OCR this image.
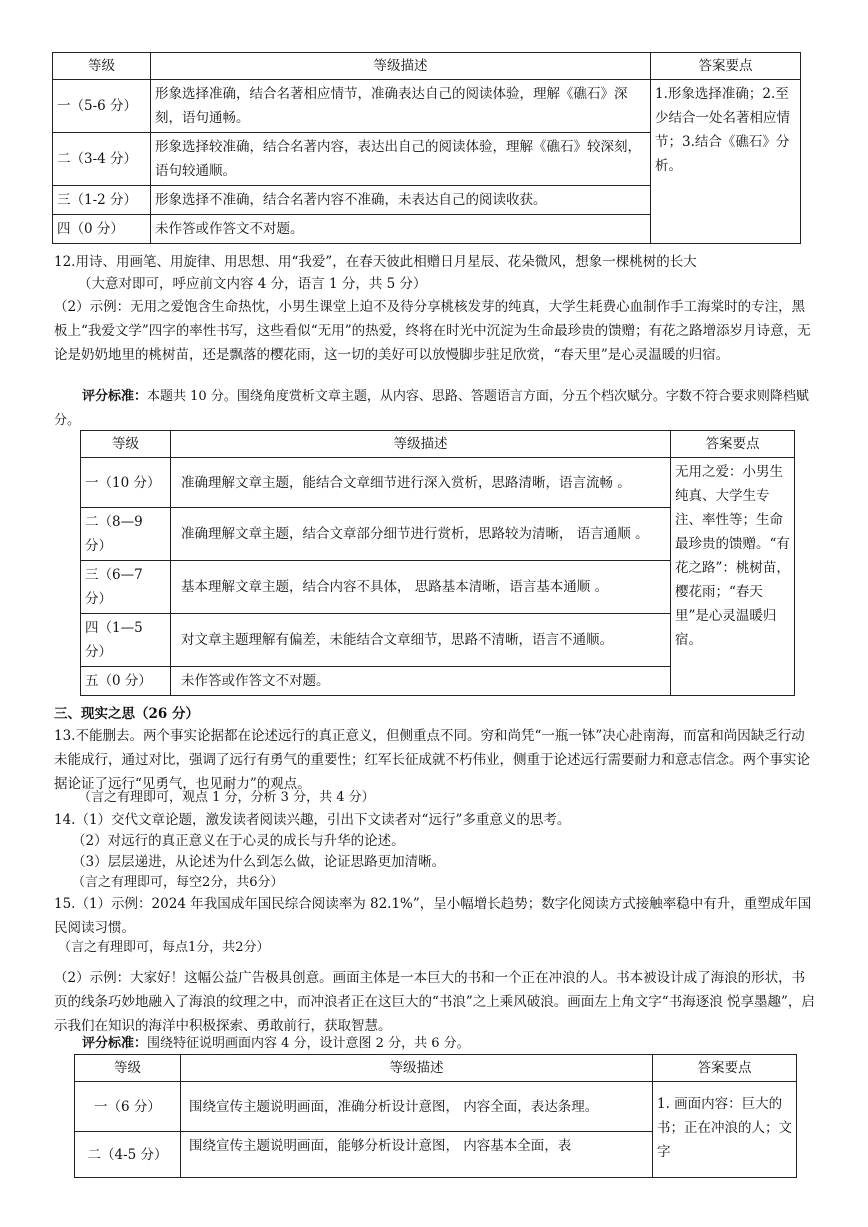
等级	等级描述	答案要点
一（5-6 分）	形象选择准确，结合名著相应情节，准确表达自己的阅读体验，理解《礁石》深刻，语句通畅。	1.形象选择准确；2.至少结合一处名著相应情节；3.结合《礁石》分析。
二（3-4 分）	形象选择较准确，结合名著内容，表达出自己的阅读体验，理解《礁石》较深刻，语句较通顺。	
三（1-2 分）	形象选择不准确，结合名著内容不准确，未表达自己的阅读收获。	
四（0 分）	未作答或作答文不对题。	
12.用诗、用画笔、用旋律、用思想、用“我爱”，在春天彼此相赠日月星辰、花朵微风，想象一棵桃树的长大
（大意对即可，呼应前文内容 4 分，语言 1 分，共 5 分）
（2）示例：无用之爱饱含生命热忱，小男生课堂上迫不及待分享桃核发芽的纯真，大学生耗费心血制作手工海棠时的专注，黑板上“我爱文学”四字的率性书写，这些看似“无用”的热爱，终将在时光中沉淀为生命最珍贵的馈赠；有花之路增添岁月诗意，无论是奶奶地里的桃树苗，还是飘落的樱花雨，这一切的美好可以放慢脚步驻足欣赏，“春天里”是心灵温暖的归宿。
评分标准：本题共 10 分。围绕角度赏析文章主题，从内容、思路、答题语言方面，分五个档次赋分。字数不符合要求则降档赋分。
等级	等级描述	答案要点
一（10 分）	准确理解文章主题，能结合文章细节进行深入赏析，思路清晰，语言流畅 。	无用之爱：小男生纯真、大学生专注、率性等；生命最珍贵的馈赠。“有花之路”：桃树苗，樱花雨；“春天里”是心灵温暖归宿。
二（8—9 分）	准确理解文章主题，结合文章部分细节进行赏析，思路较为清晰， 语言通顺 。	
三（6—7 分）	基本理解文章主题，结合内容不具体， 思路基本清晰，语言基本通顺 。	
四（1—5 分）	对文章主题理解有偏差，未能结合文章细节，思路不清晰，语言不通顺。	
五（0 分）	未作答或作答文不对题。	
三、现实之思（26 分）
13.不能删去。两个事实论据都在论述远行的真正意义，但侧重点不同。穷和尚凭“一瓶一钵”决心赴南海，而富和尚因缺乏行动未能成行，通过对比，强调了远行有勇气的重要性；红军长征成就不朽伟业，侧重于论述远行需要耐力和意志信念。两个事实论据论证了远行“见勇气，也见耐力”的观点。
（言之有理即可，观点 1 分，分析 3 分，共 4 分）
14.（1）交代文章论题，激发读者阅读兴趣，引出下文读者对“远行”多重意义的思考。
（2）对远行的真正意义在于心灵的成长与升华的论述。
（3）层层递进，从论述为什么到怎么做，论证思路更加清晰。
（言之有理即可，每空2分，共6分）
15.（1）示例：2024 年我国成年国民综合阅读率为 82.1%”，呈小幅增长趋势；数字化阅读方式接触率稳中有升，重塑成年国民阅读习惯。
（言之有理即可，每点1分，共2分）
（2）示例：大家好！这幅公益广告极具创意。画面主体是一本巨大的书和一个正在冲浪的人。书本被设计成了海浪的形状，书页的线条巧妙地融入了海浪的纹理之中，而冲浪者正在这巨大的“书浪”之上乘风破浪。画面左上角文字“书海逐浪 悦享墨趣”，启示我们在知识的海洋中积极探索、勇敢前行，获取智慧。
评分标准：围绕特征说明画面内容 4 分，设计意图 2 分，共 6 分。
等级	等级描述	答案要点
一（6 分）	围绕宣传主题说明画面，准确分析设计意图， 内容全面，表达条理。	1. 画面内容：巨大的书；正在冲浪的人；文字
二（4-5 分）	围绕宣传主题说明画面，能够分析设计意图， 内容基本全面，表	
